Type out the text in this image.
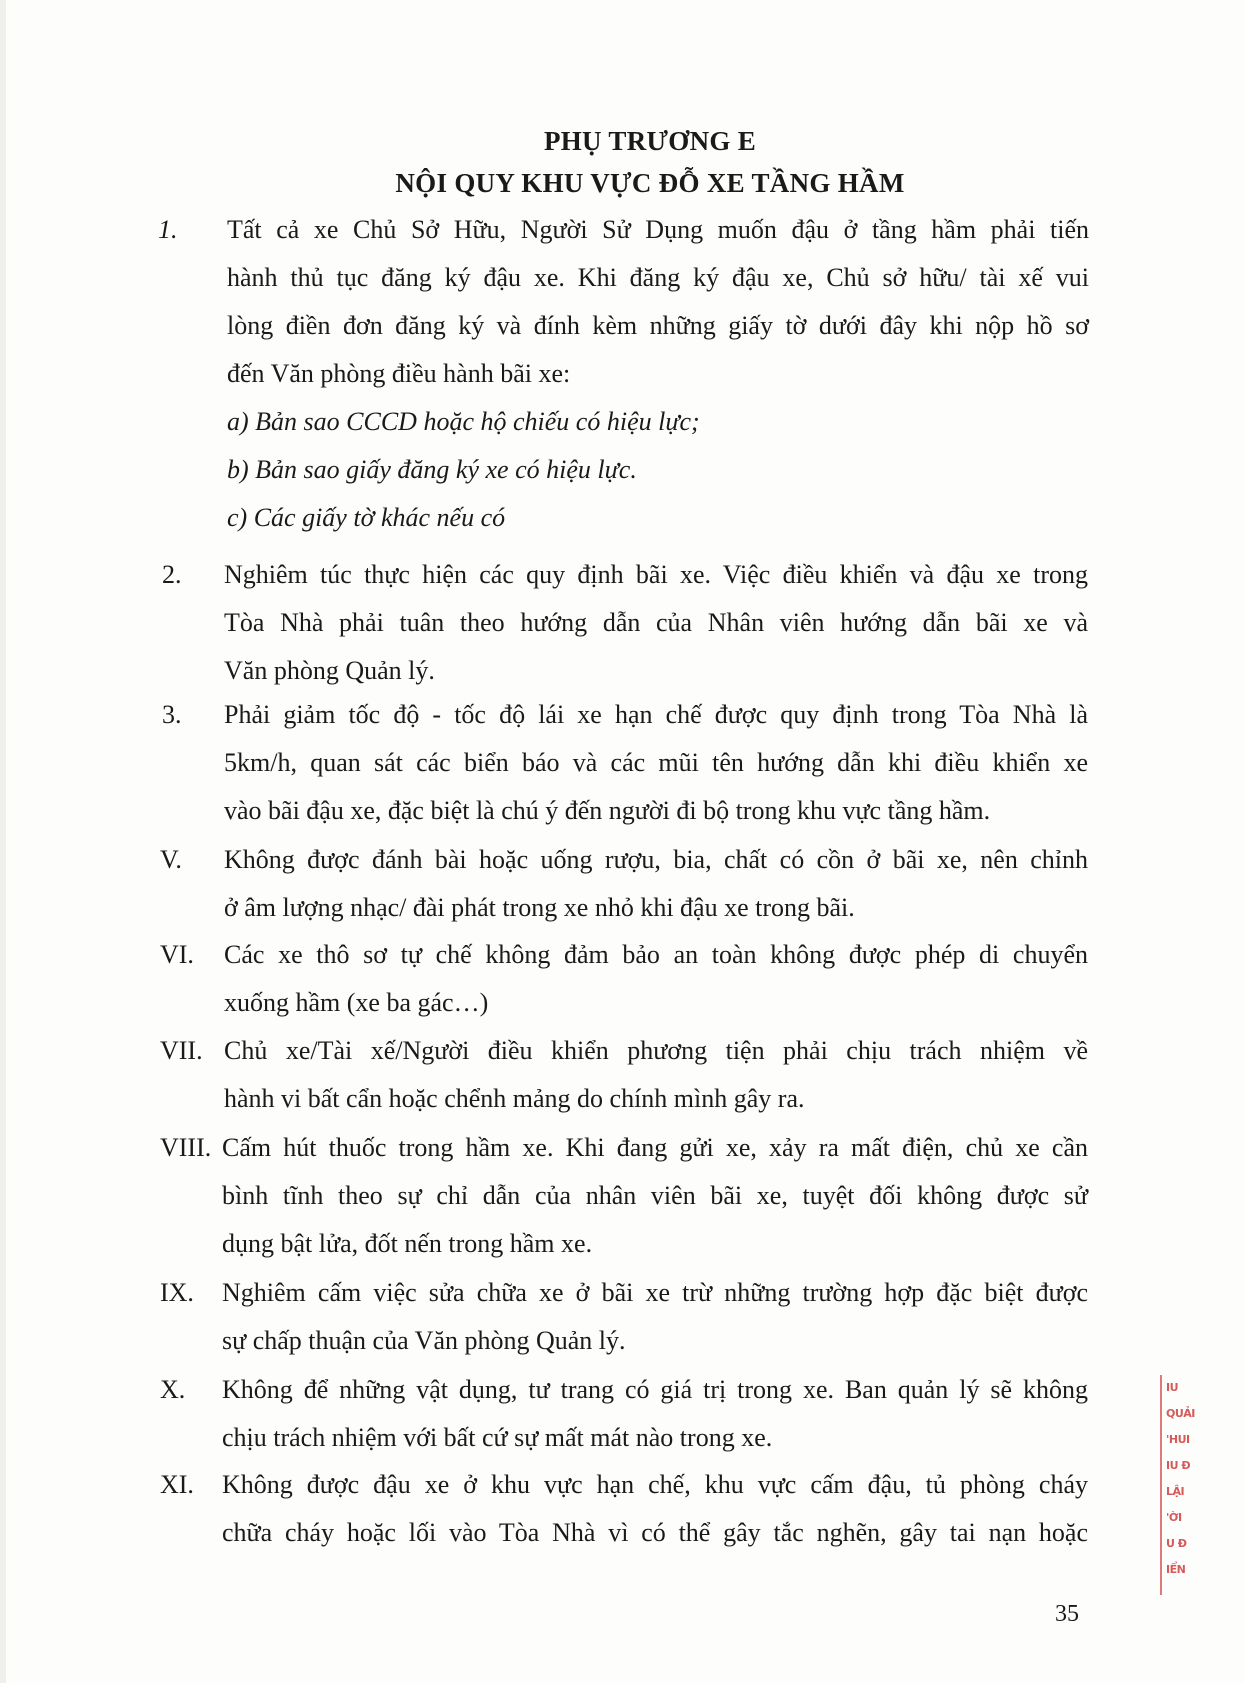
PHỤ TRƯƠNG E
NỘI QUY KHU VỰC ĐỖ XE TẦNG HẦM
1. Tất cả xe Chủ Sở Hữu, Người Sử Dụng muốn đậu ở tầng hầm phải tiến
hành thủ tục đăng ký đậu xe. Khi đăng ký đậu xe, Chủ sở hữu/ tài xế vui
lòng điền đơn đăng ký và đính kèm những giấy tờ dưới đây khi nộp hồ sơ
đến Văn phòng điều hành bãi xe:
a) Bản sao CCCD hoặc hộ chiếu có hiệu lực;
b) Bản sao giấy đăng ký xe có hiệu lực.
c) Các giấy tờ khác nếu có
2. Nghiêm túc thực hiện các quy định bãi xe. Việc điều khiển và đậu xe trong
Tòa Nhà phải tuân theo hướng dẫn của Nhân viên hướng dẫn bãi xe và
Văn phòng Quản lý.
3. Phải giảm tốc độ - tốc độ lái xe hạn chế được quy định trong Tòa Nhà là
5km/h, quan sát các biển báo và các mũi tên hướng dẫn khi điều khiển xe
vào bãi đậu xe, đặc biệt là chú ý đến người đi bộ trong khu vực tầng hầm.
V. Không được đánh bài hoặc uống rượu, bia, chất có cồn ở bãi xe, nên chỉnh
ở âm lượng nhạc/ đài phát trong xe nhỏ khi đậu xe trong bãi.
VI. Các xe thô sơ tự chế không đảm bảo an toàn không được phép di chuyển
xuống hầm (xe ba gác…)
VII. Chủ xe/Tài xế/Người điều khiển phương tiện phải chịu trách nhiệm về
hành vi bất cẩn hoặc chểnh mảng do chính mình gây ra.
VIII. Cấm hút thuốc trong hầm xe. Khi đang gửi xe, xảy ra mất điện, chủ xe cần
bình tĩnh theo sự chỉ dẫn của nhân viên bãi xe, tuyệt đối không được sử
dụng bật lửa, đốt nến trong hầm xe.
IX. Nghiêm cấm việc sửa chữa xe ở bãi xe trừ những trường hợp đặc biệt được
sự chấp thuận của Văn phòng Quản lý.
X. Không để những vật dụng, tư trang có giá trị trong xe. Ban quản lý sẽ không
chịu trách nhiệm với bất cứ sự mất mát nào trong xe.
XI. Không được đậu xe ở khu vực hạn chế, khu vực cấm đậu, tủ phòng cháy
chữa cháy hoặc lối vào Tòa Nhà vì có thể gây tắc nghẽn, gây tai nạn hoặc
35
IU
QUẢI
'HUI
IU Đ
LẬI
'ỜI
U Đ
IỂN
